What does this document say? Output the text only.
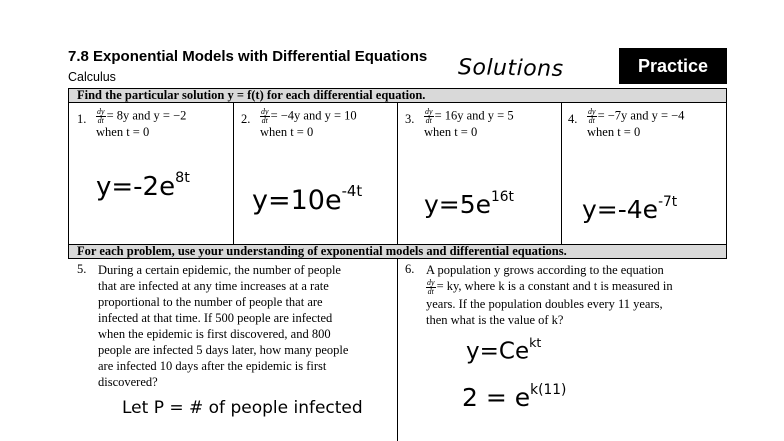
7.8 Exponential Models with Differential Equations
Calculus	Solutions	Practice
Find the particular solution y = f(t) for each differential equation.
1. $\frac{dy}{dt} = 8y$ and y = −2
when t = 0
$y=-2e^{8t}$
2. $\frac{dy}{dt} = -4y$ and y = 10
when t = 0
$y=10e^{-4t}$
3. $\frac{dy}{dt} = 16y$ and y = 5
when t = 0
$y=5e^{16t}$
4. $\frac{dy}{dt} = -7y$ and y = −4
when t = 0
$y=-4e^{-7t}$
For each problem, use your understanding of exponential models and differential equations.
5. During a certain epidemic, the number of people
that are infected at any time increases at a rate
proportional to the number of people that are
infected at that time. If 500 people are infected
when the epidemic is first discovered, and 800
people are infected 5 days later, how many people
are infected 10 days after the epidemic is first
discovered?
Let P = # of people infected
6. A population y grows according to the equation
$\frac{dy}{dt}$ = ky, where k is a constant and t is measured in
years. If the population doubles every 11 years,
then what is the value of k?
$y=Ce^{kt}$
$2 = e^{k(11)}$
